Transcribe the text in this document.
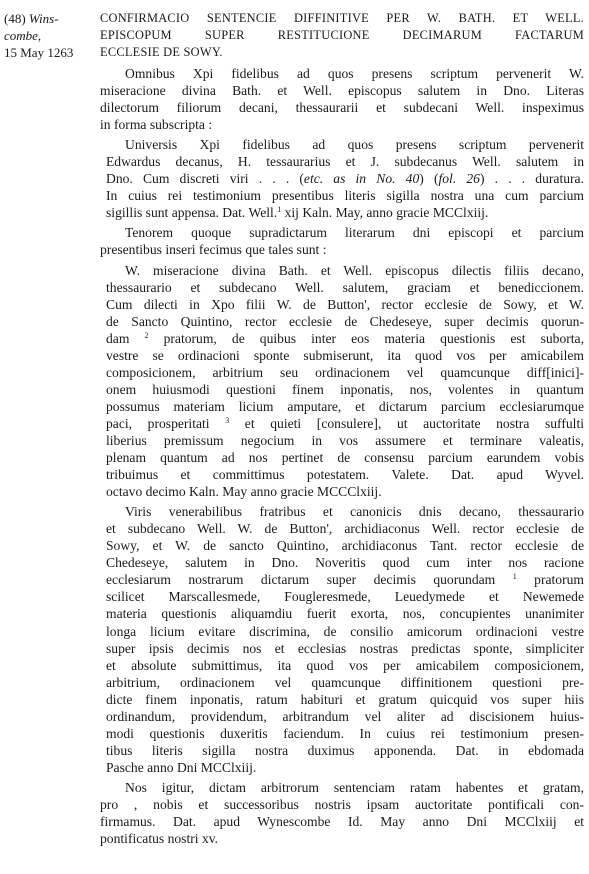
(48) Wins-
combe,
15 May 1263
CONFIRMACIO SENTENCIE DIFFINITIVE PER W. BATH. ET WELL.
EPISCOPUM SUPER RESTITUCIONE DECIMARUM FACTARUM
ECCLESIE DE SOWY.
Omnibus Xpi fidelibus ad quos presens scriptum pervenerit W.
miseracione divina Bath. et Well. episcopus salutem in Dno. Literas
dilectorum filiorum decani, thessaurarii et subdecani Well. inspeximus
in forma subscripta :
Universis Xpi fidelibus ad quos presens scriptum pervenerit
Edwardus decanus, H. tessaurarius et J. subdecanus Well. salutem in
Dno. Cum discreti viri . . . (etc. as in No. 40) (fol. 26) . . . duratura.
In cuius rei testimonium presentibus literis sigilla nostra una cum parcium
sigillis sunt appensa. Dat. Well.$^1$ xij Kaln. May, anno gracie MCClxiij.
Tenorem quoque supradictarum literarum dni episcopi et parcium
presentibus inseri fecimus que tales sunt :
W. miseracione divina Bath. et Well. episcopus dilectis filiis decano,
thessaurario et subdecano Well. salutem, graciam et benediccionem.
Cum dilecti in Xpo filii W. de Button', rector ecclesie de Sowy, et W.
de Sancto Quintino, rector ecclesie de Chedeseye, super decimis quorun-
dam $^2$ pratorum, de quibus inter eos materia questionis est suborta,
vestre se ordinacioni sponte submiserunt, ita quod vos per amicabilem
composicionem, arbitrium seu ordinacionem vel quamcunque diff[inici]-
onem huiusmodi questioni finem inponatis, nos, volentes in quantum
possumus materiam licium amputare, et dictarum parcium ecclesiarumque
paci, prosperitati $^3$ et quieti [consulere], ut auctoritate nostra suffulti
liberius premissum negocium in vos assumere et terminare valeatis,
plenam quantum ad nos pertinet de consensu parcium earundem vobis
tribuimus et committimus potestatem. Valete. Dat. apud Wyvel.
octavo decimo Kaln. May anno gracie MCCClxiij.
Viris venerabilibus fratribus et canonicis dnis decano, thessaurario
et subdecano Well. W. de Button', archidiaconus Well. rector ecclesie de
Sowy, et W. de sancto Quintino, archidiaconus Tant. rector ecclesie de
Chedeseye, salutem in Dno. Noveritis quod cum inter nos racione
ecclesiarum nostrarum dictarum super decimis quorundam $^1$ pratorum
scilicet Marscallesmede, Fougleresmede, Leuedymede et Newemede
materia questionis aliquamdiu fuerit exorta, nos, concupientes unanimiter
longa licium evitare discrimina, de consilio amicorum ordinacioni vestre
super ipsis decimis nos et ecclesias nostras predictas sponte, simpliciter
et absolute submittimus, ita quod vos per amicabilem composicionem,
arbitrium, ordinacionem vel quamcunque diffinitionem questioni pre-
dicte finem inponatis, ratum habituri et gratum quicquid vos super hiis
ordinandum, providendum, arbitrandum vel aliter ad discisionem huius-
modi questionis duxeritis faciendum. In cuius rei testimonium presen-
tibus literis sigilla nostra duximus apponenda. Dat. in ebdomada
Pasche anno Dni MCClxiij.
Nos igitur, dictam arbitrorum sentenciam ratam habentes et gratam,
pro , nobis et successoribus nostris ipsam auctoritate pontificali con-
firmamus. Dat. apud Wynescombe Id. May anno Dni MCClxiij et
pontificatus nostri xv.
